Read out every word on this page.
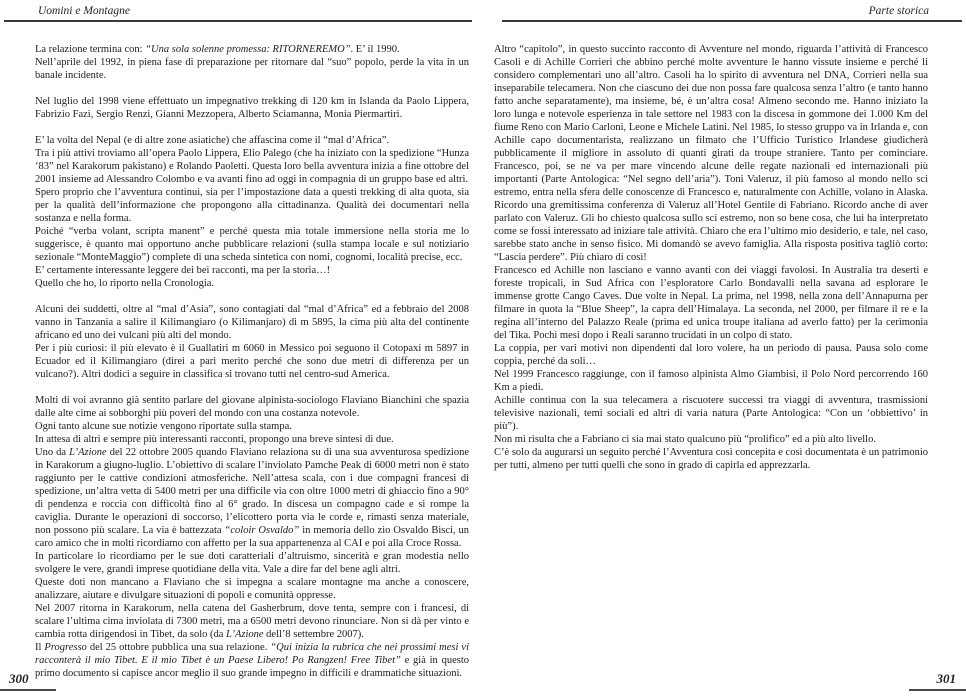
Uomini e Montagne	Parte storica

La relazione termina con: “Una sola solenne promessa: RITORNEREMO”. E’ il 1990.

Nell’aprile del 1992, in piena fase di preparazione per ritornare dal “suo” popolo, perde la vita in un banale incidente.

Nel luglio del 1998 viene effettuato un impegnativo trekking di 120 km in Islanda da Paolo Lippera, Fabrizio Fazi, Sergio Renzi, Gianni Mezzopera, Alberto Sciamanna, Monia Piermartiri.

E’ la volta del Nepal (e di altre zone asiatiche) che affascina come il “mal d’Africa”.

Tra i più attivi troviamo all’opera Paolo Lippera, Elio Palego (che ha iniziato con la spedizione “Hunza ‘83” nel Karakorum pakistano) e Rolando Paoletti. Questa loro bella avventura inizia a fine ottobre del 2001 insieme ad Alessandro Colombo e va avanti fino ad oggi in compagnia di un gruppo base ed altri.

Spero proprio che l’avventura continui, sia per l’impostazione data a questi trekking di alta quota, sia per la qualità dell’informazione che propongono alla cittadinanza. Qualità dei documentari nella sostanza e nella forma.

Poiché “verba volant, scripta manent” e perché questa mia totale immersione nella storia me lo suggerisce, è quanto mai opportuno anche pubblicare relazioni (sulla stampa locale e sul notiziario sezionale “MonteMaggio”) complete di una scheda sintetica con nomi, cognomi, località precise, ecc.

E’ certamente interessante leggere dei bei racconti, ma per la storia…!

Quello che ho, lo riporto nella Cronologia.

Alcuni dei suddetti, oltre al “mal d’Asia”, sono contagiati dal “mal d’Africa” ed a febbraio del 2008 vanno in Tanzania a salire il Kilimangiaro (o Kilimanjaro) di m 5895, la cima più alta del continente africano ed uno dei vulcani più alti del mondo.

Per i più curiosi: il più elevato è il Guallatiri m 6060 in Messico poi seguono il Cotopaxi m 5897 in Ecuador ed il Kilimangiaro (direi a pari merito perché che sono due metri di differenza per un vulcano?). Altri dodici a seguire in classifica si trovano tutti nel centro-sud America.

Molti di voi avranno già sentito parlare del giovane alpinista-sociologo Flaviano Bianchini che spazia dalle alte cime ai sobborghi più poveri del mondo con una costanza notevole.

Ogni tanto alcune sue notizie vengono riportate sulla stampa.

In attesa di altri e sempre più interessanti racconti, propongo una breve sintesi di due.

Uno da L’Azione del 22 ottobre 2005 quando Flaviano relaziona su di una sua avventurosa spedizione in Karakorum a giugno-luglio. L’obiettivo di scalare l’inviolato Pamche Peak di 6000 metri non è stato raggiunto per le cattive condizioni atmosferiche. Nell’attesa scala, con i due compagni francesi di spedizione, un’altra vetta di 5400 metri per una difficile via con oltre 1000 metri di ghiaccio fino a 90° di pendenza e roccia con difficoltà fino al 6° grado. In discesa un compagno cade e si rompe la caviglia. Durante le operazioni di soccorso, l’elicottero porta via le corde e, rimasti senza materiale, non possono più scalare. La via è battezzata “coloir Osvaldo” in memoria dello zio Osvaldo Bisci, un caro amico che in molti ricordiamo con affetto per la sua appartenenza al CAI e poi alla Croce Rossa.

In particolare lo ricordiamo per le sue doti caratteriali d’altruismo, sincerità e gran modestia nello svolgere le vere, grandi imprese quotidiane della vita. Vale a dire far del bene agli altri.

Queste doti non mancano a Flaviano che si impegna a scalare montagne ma anche a conoscere, analizzare, aiutare e divulgare situazioni di popoli e comunità oppresse.

Nel 2007 ritorna in Karakorum, nella catena del Gasherbrum, dove tenta, sempre con i francesi, di scalare l’ultima cima inviolata di 7300 metri, ma a 6500 metri devono rinunciare. Non si dà per vinto e cambia rotta dirigendosi in Tibet, da solo (da L’Azione dell’8 settembre 2007).

Il Progresso del 25 ottobre pubblica una sua relazione. “Qui inizia la rubrica che nei prossimi mesi vi racconterà il mio Tibet. E il mio Tibet è un Paese Libero! Po Rangzen! Free Tibet” e già in questo primo documento si capisce ancor meglio il suo grande impegno in difficili e drammatiche situazioni.

Altro “capitolo”, in questo succinto racconto di Avventure nel mondo, riguarda l’attività di Francesco Casoli e di Achille Corrieri che abbino perché molte avventure le hanno vissute insieme e perché li considero complementari uno all’altro. Casoli ha lo spirito di avventura nel DNA, Corrieri nella sua inseparabile telecamera. Non che ciascuno dei due non possa fare qualcosa senza l’altro (e tanto hanno fatto anche separatamente), ma insieme, bé, è un’altra cosa! Almeno secondo me. Hanno iniziato la loro lunga e notevole esperienza in tale settore nel 1983 con la discesa in gommone dei 1.000 Km del fiume Reno con Mario Carloni, Leone e Michele Latini. Nel 1985, lo stesso gruppo va in Irlanda e, con Achille capo documentarista, realizzano un filmato che l’Ufficio Turistico Irlandese giudicherà pubblicamente il migliore in assoluto di quanti girati da troupe straniere. Tanto per cominciare. Francesco, poi, se ne va per mare vincendo alcune delle regate nazionali ed internazionali più importanti (Parte Antologica: “Nel segno dell’aria”). Toni Valeruz, il più famoso al mondo nello sci estremo, entra nella sfera delle conoscenze di Francesco e, naturalmente con Achille, volano in Alaska. Ricordo una gremitissima conferenza di Valeruz all’Hotel Gentile di Fabriano. Ricordo anche di aver parlato con Valeruz. Gli ho chiesto qualcosa sullo sci estremo, non so bene cosa, che lui ha interpretato come se fossi interessato ad iniziare tale attività. Chiaro che era l’ultimo mio desiderio, e tale, nel caso, sarebbe stato anche in senso fisico. Mi domandò se avevo famiglia. Alla risposta positiva tagliò corto: “Lascia perdere”. Più chiaro di così!

Francesco ed Achille non lasciano e vanno avanti con dei viaggi favolosi. In Australia tra deserti e foreste tropicali, in Sud Africa con l’esploratore Carlo Bondavalli nella savana ad esplorare le immense grotte Cango Caves. Due volte in Nepal. La prima, nel 1998, nella zona dell’Annapurna per filmare in quota la “Blue Sheep”, la capra dell’Himalaya. La seconda, nel 2000, per filmare il re e la regina all’interno del Palazzo Reale (prima ed unica troupe italiana ad averlo fatto) per la cerimonia del Tika. Pochi mesi dopo i Reali saranno trucidati in un colpo di stato.

La coppia, per vari motivi non dipendenti dal loro volere, ha un periodo di pausa. Pausa solo come coppia, perché da soli…

Nel 1999 Francesco raggiunge, con il famoso alpinista Almo Giambisi, il Polo Nord percorrendo 160 Km a piedi.

Achille continua con la sua telecamera a riscuotere successi tra viaggi di avventura, trasmissioni televisive nazionali, temi sociali ed altri di varia natura (Parte Antologica: “Con un ‘obbiettivo’ in più”).

Non mi risulta che a Fabriano ci sia mai stato qualcuno più “prolifico” ed a più alto livello.

C’è solo da augurarsi un seguito perché l’Avventura così concepita e così documentata è un patrimonio per tutti, almeno per tutti quelli che sono in grado di capirla ed apprezzarla.

300	301
